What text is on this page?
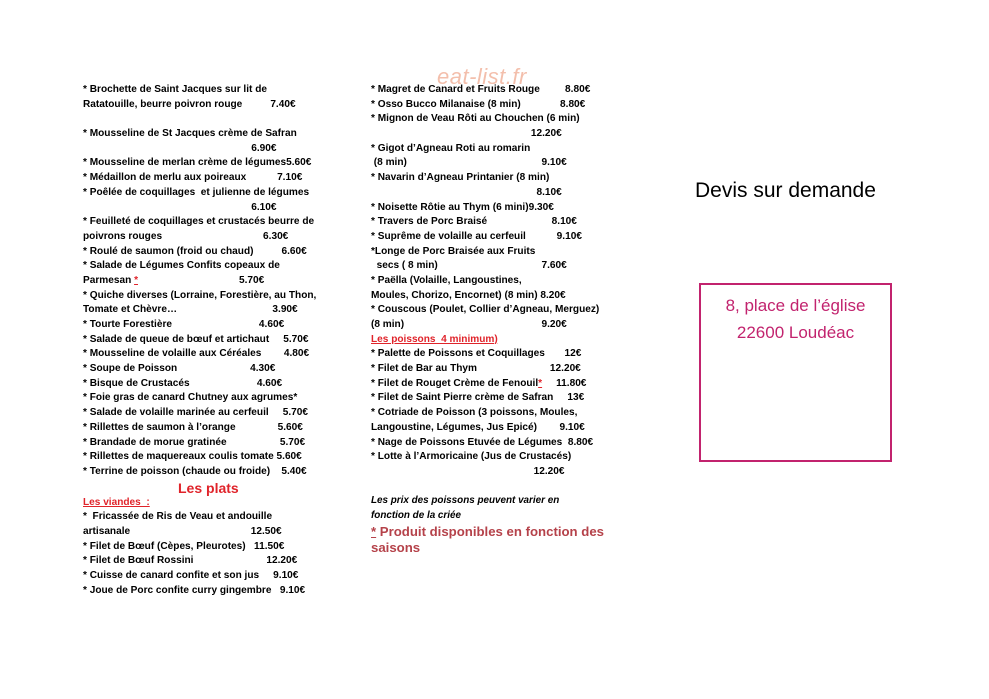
eat-list.fr
* Brochette de Saint Jacques sur lit de
Ratatouille, beurre poivron rouge          7.40€
* Mousseline de St Jacques crème de Safran
6.90€
* Mousseline de merlan crème de légumes5.60€
* Médaillon de merlu aux poireaux           7.10€
* Poêlée de coquillages  et julienne de légumes
6.10€
* Feuilleté de coquillages et crustacés beurre de
poivrons rouges                                    6.30€
* Roulé de saumon (froid ou chaud)          6.60€
* Salade de Légumes Confits copeaux de
Parmesan *                                    5.70€
* Quiche diverses (Lorraine, Forestière, au Thon,
Tomate et Chèvre…                                  3.90€
* Tourte Forestière                               4.60€
* Salade de queue de bœuf et artichaut     5.70€
* Mousseline de volaille aux Céréales        4.80€
* Soupe de Poisson                          4.30€
* Bisque de Crustacés                        4.60€
* Foie gras de canard Chutney aux agrumes*
* Salade de volaille marinée au cerfeuil     5.70€
* Rillettes de saumon à l’orange               5.60€
* Brandade de morue gratinée                   5.70€
* Rillettes de maquereaux coulis tomate 5.60€
* Terrine de poisson (chaude ou froide)    5.40€
Les plats
Les viandes  :
*  Fricassée de Ris de Veau et andouille
artisanale                                           12.50€
* Filet de Bœuf (Cèpes, Pleurotes)   11.50€
* Filet de Bœuf Rossini                          12.20€
* Cuisse de canard confite et son jus     9.10€
* Joue de Porc confite curry gingembre   9.10€
* Magret de Canard et Fruits Rouge         8.80€
* Osso Bucco Milanaise (8 min)              8.80€
* Mignon de Veau Rôti au Chouchen (6 min)
12.20€
* Gigot d’Agneau Roti au romarin
(8 min)                                                9.10€
* Navarin d’Agneau Printanier (8 min)
8.10€
* Noisette Rôtie au Thym (6 mini)9.30€
* Travers de Porc Braisé                       8.10€
* Suprême de volaille au cerfeuil           9.10€
*Longe de Porc Braisée aux Fruits
secs ( 8 min)                                     7.60€
* Paëlla (Volaille, Langoustines,
Moules, Chorizo, Encornet) (8 min) 8.20€
* Couscous (Poulet, Collier d’Agneau, Merguez)
(8 min)                                                 9.20€
Les poissons  4 minimum)
* Palette de Poissons et Coquillages       12€
* Filet de Bar au Thym                          12.20€
* Filet de Rouget Crème de Fenouil*     11.80€
* Filet de Saint Pierre crème de Safran     13€
* Cotriade de Poisson (3 poissons, Moules,
Langoustine, Légumes, Jus Epicé)        9.10€
* Nage de Poissons Etuvée de Légumes  8.80€
* Lotte à l’Armoricaine (Jus de Crustacés)
12.20€
Les prix des poissons peuvent varier en
fonction de la criée
* Produit disponibles en fonction des
saisons
Devis sur demande
8, place de l’église
22600 Loudéac
